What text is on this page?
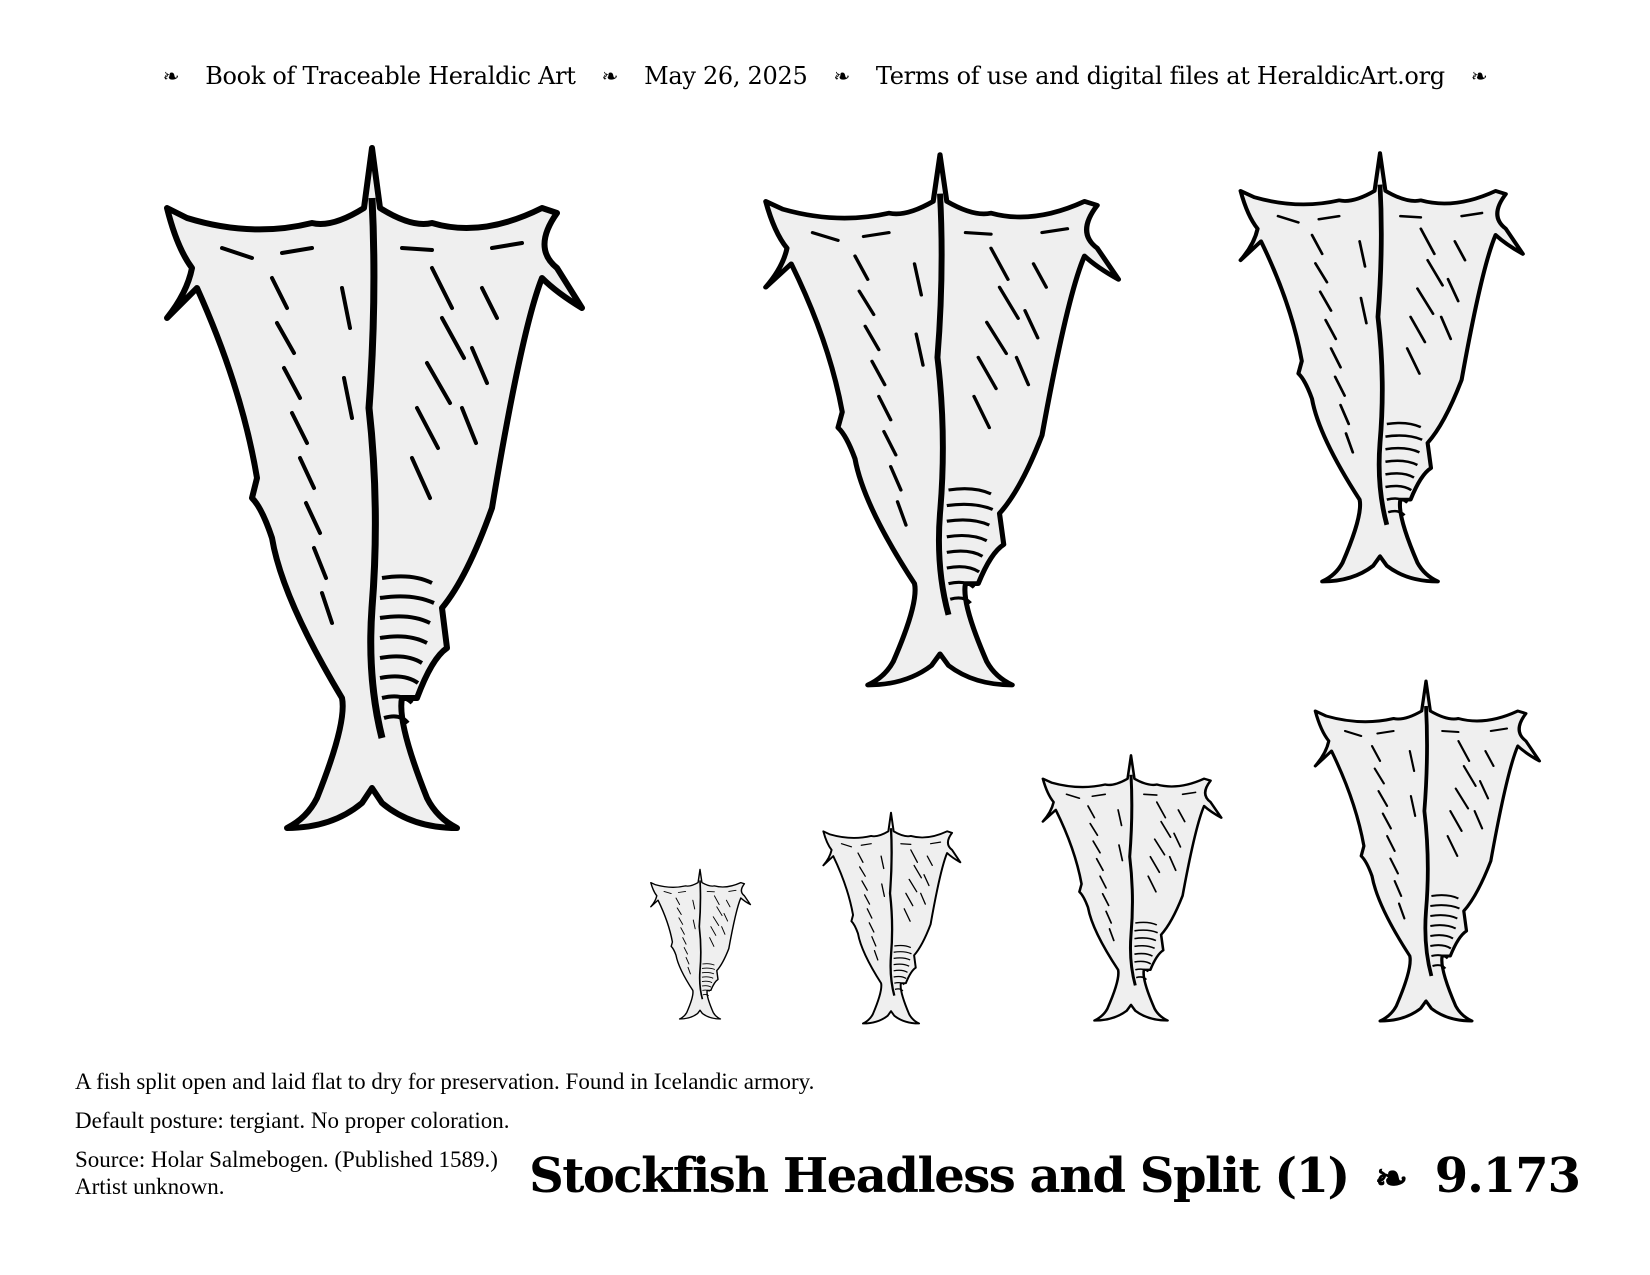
❧ Book of Traceable Heraldic Art ❧ May 26, 2025 ❧ Terms of use and digital files at HeraldicArt.org ❧

A fish split open and laid flat to dry for preservation. Found in Icelandic armory.

Default posture: tergiant. No proper coloration.

Source: Holar Salmebogen. (Published 1589.)

Artist unknown.	Stockfish Headless and Split (1) ❧ 9.173
